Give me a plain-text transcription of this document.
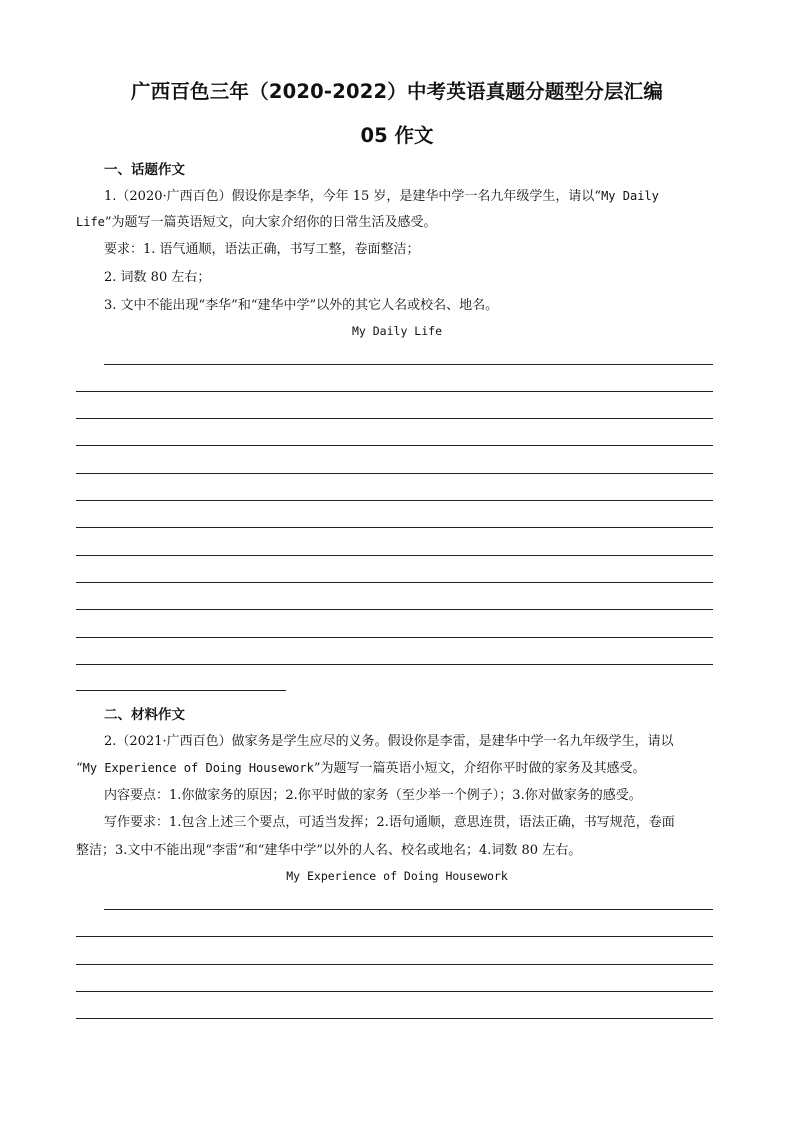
广西百色三年（2020-2022）中考英语真题分题型分层汇编
05 作文
一、话题作文
1.（2020·广西百色）假设你是李华，今年 15 岁，是建华中学一名九年级学生，请以“My Daily
Life”为题写一篇英语短文，向大家介绍你的日常生活及感受。
要求：1. 语气通顺，语法正确，书写工整，卷面整洁；
2. 词数 80 左右；
3. 文中不能出现“李华”和“建华中学”以外的其它人名或校名、地名。
My Daily Life
二、材料作文
2.（2021·广西百色）做家务是学生应尽的义务。假设你是李雷，是建华中学一名九年级学生，请以
“My Experience of Doing Housework”为题写一篇英语小短文，介绍你平时做的家务及其感受。
内容要点：1.你做家务的原因；2.你平时做的家务（至少举一个例子）；3.你对做家务的感受。
写作要求：1.包含上述三个要点，可适当发挥；2.语句通顺，意思连贯，语法正确，书写规范，卷面
整洁；3.文中不能出现“李雷”和“建华中学”以外的人名、校名或地名；4.词数 80 左右。
My Experience of Doing Housework
